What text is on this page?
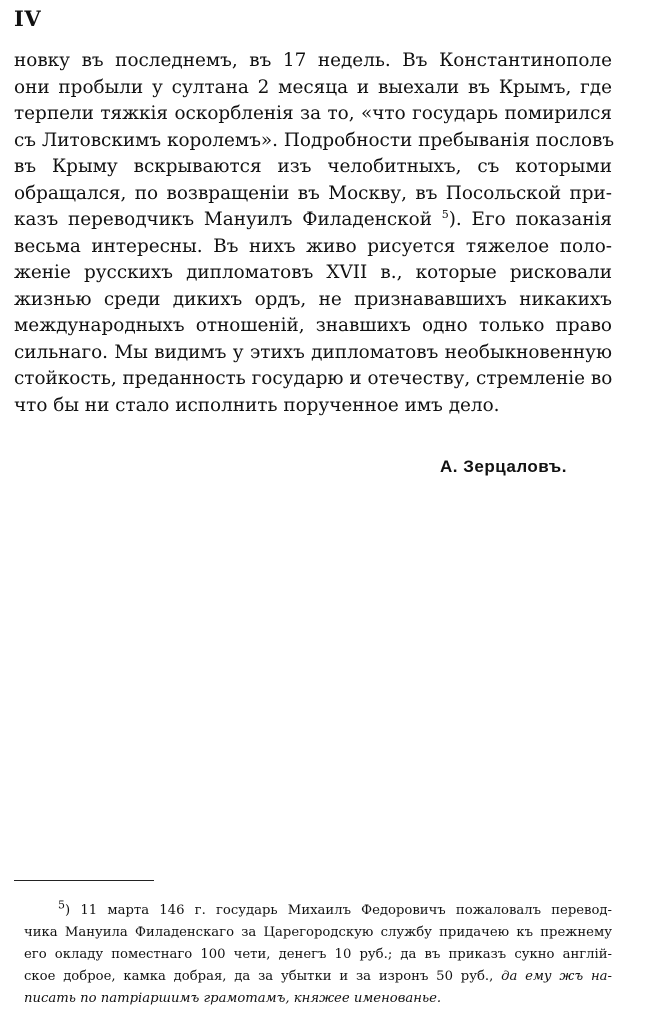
IV
новку въ последнемъ, въ 17 недель. Въ Константинополе
они пробыли у султана 2 месяца и выехали въ Крымъ, где
терпели тяжкія оскорбленія за то, «что государь помирился
съ Литовскимъ королемъ». Подробности пребыванія пословъ
въ Крыму вскрываются изъ челобитныхъ, съ которыми
обращался, по возвращеніи въ Москву, въ Посольской при-
казъ переводчикъ Мануилъ Филаденской $^5$). Его показанія
весьма интересны. Въ нихъ живо рисуется тяжелое поло-
женіе русскихъ дипломатовъ XVII в., которые рисковали
жизнью среди дикихъ ордъ, не признававшихъ никакихъ
международныхъ отношеній, знавшихъ одно только право
сильнаго. Мы видимъ у этихъ дипломатовъ необыкновенную
стойкость, преданность государю и отечеству, стремленіе во
что бы ни стало исполнить порученное имъ дело.
А. Зерцаловъ.
$^5$) 11 марта 146 г. государь Михаилъ Федоровичъ пожаловалъ перевод-
чика Мануила Филаденскаго за Царегородскую службу придачею къ прежнему
его окладу поместнаго 100 чети, денегъ 10 руб.; да въ приказъ сукно англій-
ское доброе, камка добрая, да за убытки и за изронъ 50 руб., да ему жъ на-
писать по патріаршимъ грамотамъ, княжее именованье.
